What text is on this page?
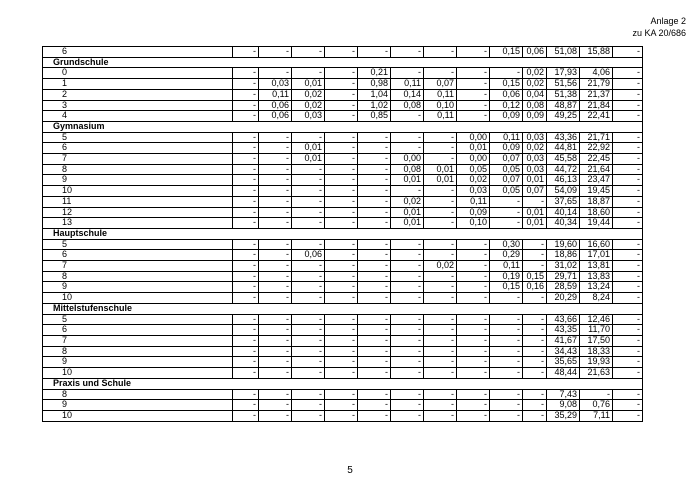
Anlage 2
zu KA 20/686
6	-	-	-	-	-	-	-	-	0,15	0,06	51,08	15,88	-
Grundschule													
0	-	-	-	-	0,21	-	-	-	-	0,02	17,93	4,06	-
1	-	0,03	0,01	-	0,98	0,11	0,07	-	0,15	0,02	51,56	21,79	-
2	-	0,11	0,02	-	1,04	0,14	0,11	-	0,06	0,04	51,38	21,37	-
3	-	0,06	0,02	-	1,02	0,08	0,10	-	0,12	0,08	48,87	21,84	-
4	-	0,06	0,03	-	0,85	-	0,11	-	0,09	0,09	49,25	22,41	-
Gymnasium													
5	-	-	-	-	-	-	-	0,00	0,11	0,03	43,36	21,71	-
6	-	-	0,01	-	-	-	-	0,01	0,09	0,02	44,81	22,92	-
7	-	-	0,01	-	-	0,00	-	0,00	0,07	0,03	45,58	22,45	-
8	-	-	-	-	-	0,08	0,01	0,05	0,05	0,03	44,72	21,64	-
9	-	-	-	-	-	0,01	0,01	0,02	0,07	0,01	46,13	23,47	-
10	-	-	-	-	-	-	-	0,03	0,05	0,07	54,09	19,45	-
11	-	-	-	-	-	0,02	-	0,11	-	-	37,65	18,87	-
12	-	-	-	-	-	0,01	-	0,09	-	0,01	40,14	18,60	-
13	-	-	-	-	-	0,01	-	0,10	-	0,01	40,34	19,44	-
Hauptschule													
5	-	-	-	-	-	-	-	-	0,30	-	19,60	16,60	-
6	-	-	0,06	-	-	-	-	-	0,29	-	18,86	17,01	-
7	-	-	-	-	-	-	0,02	-	0,11	-	31,02	13,81	-
8	-	-	-	-	-	-	-	-	0,19	0,15	29,71	13,83	-
9	-	-	-	-	-	-	-	-	0,15	0,16	28,59	13,24	-
10	-	-	-	-	-	-	-	-	-	-	20,29	8,24	-
Mittelstufenschule													
5	-	-	-	-	-	-	-	-	-	-	43,66	12,46	-
6	-	-	-	-	-	-	-	-	-	-	43,35	11,70	-
7	-	-	-	-	-	-	-	-	-	-	41,67	17,50	-
8	-	-	-	-	-	-	-	-	-	-	34,43	18,33	-
9	-	-	-	-	-	-	-	-	-	-	35,65	19,93	-
10	-	-	-	-	-	-	-	-	-	-	48,44	21,63	-
Praxis und Schule													
8	-	-	-	-	-	-	-	-	-	-	7,43	-	-
9	-	-	-	-	-	-	-	-	-	-	9,08	0,76	-
10	-	-	-	-	-	-	-	-	-	-	35,29	7,11	-
5
